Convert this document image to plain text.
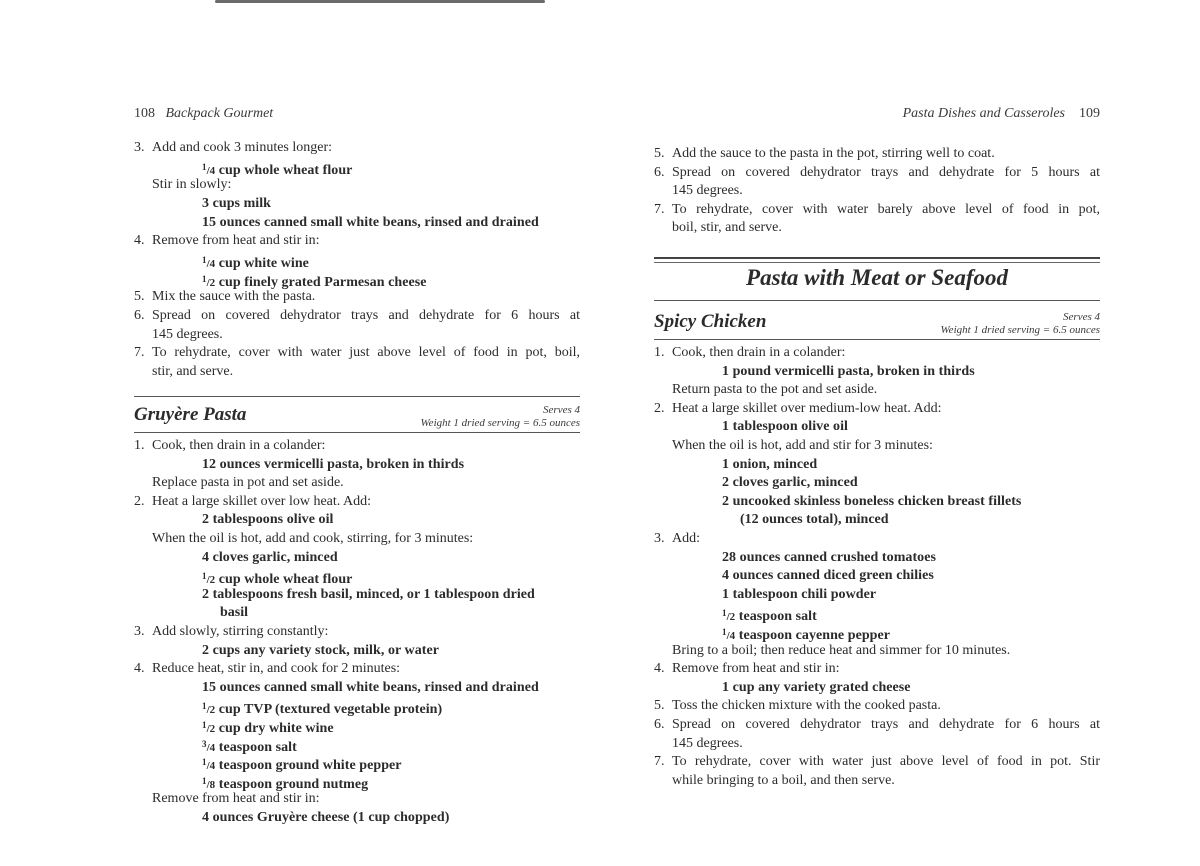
108 Backpack Gourmet
3. Add and cook 3 minutes longer:
$^1$/4 cup whole wheat flour
Stir in slowly:
3 cups milk
15 ounces canned small white beans, rinsed and drained
4. Remove from heat and stir in:
$^1$/4 cup white wine
$^1$/2 cup finely grated Parmesan cheese
5. Mix the sauce with the pasta.
6. Spread on covered dehydrator trays and dehydrate for 6 hours at
145 degrees.
7. To rehydrate, cover with water just above level of food in pot, boil,
stir, and serve.
Gruyère Pasta	Serves 4
Weight 1 dried serving = 6.5 ounces
1. Cook, then drain in a colander:
12 ounces vermicelli pasta, broken in thirds
Replace pasta in pot and set aside.
2. Heat a large skillet over low heat. Add:
2 tablespoons olive oil
When the oil is hot, add and cook, stirring, for 3 minutes:
4 cloves garlic, minced
$^1$/2 cup whole wheat flour
2 tablespoons fresh basil, minced, or 1 tablespoon dried
basil
3. Add slowly, stirring constantly:
2 cups any variety stock, milk, or water
4. Reduce heat, stir in, and cook for 2 minutes:
15 ounces canned small white beans, rinsed and drained
$^1$/2 cup TVP (textured vegetable protein)
$^1$/2 cup dry white wine
$^3$/4 teaspoon salt
$^1$/4 teaspoon ground white pepper
$^1$/8 teaspoon ground nutmeg
Remove from heat and stir in:
4 ounces Gruyère cheese (1 cup chopped)
Pasta Dishes and Casseroles 109
5. Add the sauce to the pasta in the pot, stirring well to coat.
6. Spread on covered dehydrator trays and dehydrate for 5 hours at
145 degrees.
7. To rehydrate, cover with water barely above level of food in pot,
boil, stir, and serve.
Pasta with Meat or Seafood
Spicy Chicken	Serves 4
Weight 1 dried serving = 6.5 ounces
1. Cook, then drain in a colander:
1 pound vermicelli pasta, broken in thirds
Return pasta to the pot and set aside.
2. Heat a large skillet over medium-low heat. Add:
1 tablespoon olive oil
When the oil is hot, add and stir for 3 minutes:
1 onion, minced
2 cloves garlic, minced
2 uncooked skinless boneless chicken breast fillets
(12 ounces total), minced
3. Add:
28 ounces canned crushed tomatoes
4 ounces canned diced green chilies
1 tablespoon chili powder
$^1$/2 teaspoon salt
$^1$/4 teaspoon cayenne pepper
Bring to a boil; then reduce heat and simmer for 10 minutes.
4. Remove from heat and stir in:
1 cup any variety grated cheese
5. Toss the chicken mixture with the cooked pasta.
6. Spread on covered dehydrator trays and dehydrate for 6 hours at
145 degrees.
7. To rehydrate, cover with water just above level of food in pot. Stir
while bringing to a boil, and then serve.
